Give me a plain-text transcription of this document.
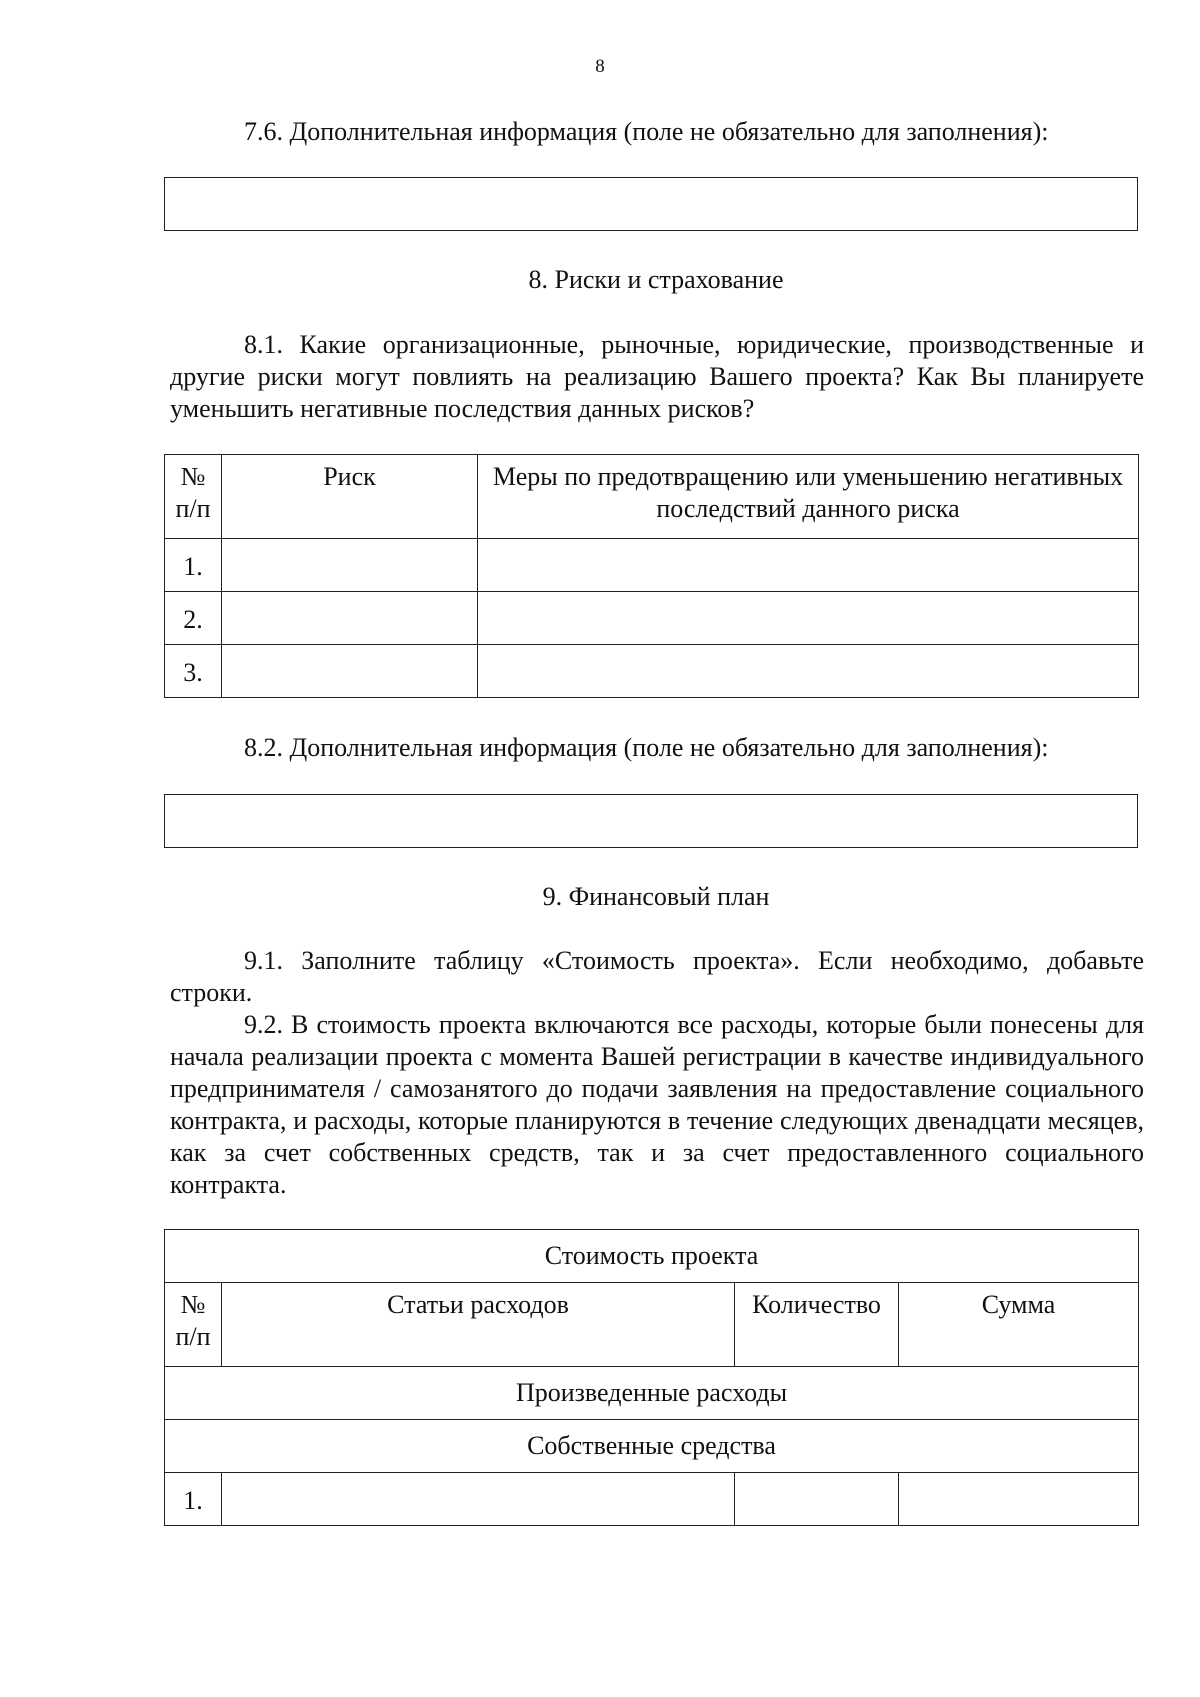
8

7.6. Дополнительная информация (поле не обязательно для заполнения):

8. Риски и страхование

8.1. Какие организационные, рыночные, юридические, производственные и другие риски могут повлиять на реализацию Вашего проекта? Как Вы планируете уменьшить негативные последствия данных рисков?

№ п/п	Риск	Меры по предотвращению или уменьшению негативных последствий данного риска
1.		
2.		
3.		

8.2. Дополнительная информация (поле не обязательно для заполнения):

9. Финансовый план

9.1. Заполните таблицу «Стоимость проекта». Если необходимо, добавьте строки.

9.2. В стоимость проекта включаются все расходы, которые были понесены для начала реализации проекта с момента Вашей регистрации в качестве индивидуального предпринимателя / самозанятого до подачи заявления на предоставление социального контракта, и расходы, которые планируются в течение следующих двенадцати месяцев, как за счет собственных средств, так и за счет предоставленного социального контракта.

Стоимость проекта			
№ п/п	Статьи расходов	Количество	Сумма
Произведенные расходы			
Собственные средства			
1.			
